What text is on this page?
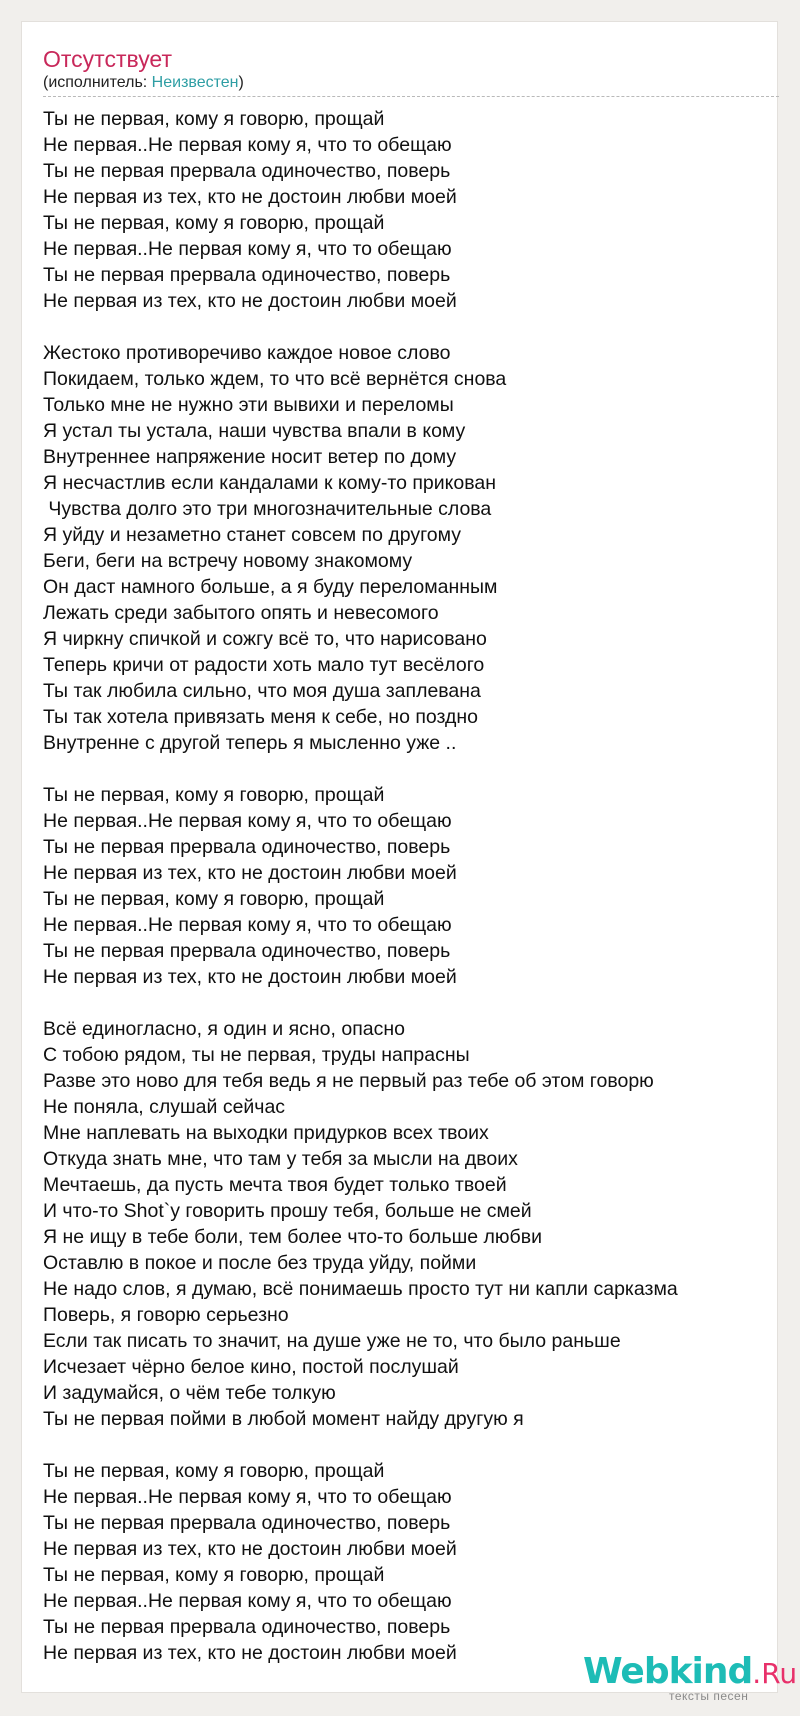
Отсутствует
(исполнитель: Неизвестен)
Ты не первая, кому я говорю, прощай
Не первая..Не первая кому я, что то обещаю
Ты не первая прервала одиночество, поверь
Не первая из тех, кто не достоин любви моей
Ты не первая, кому я говорю, прощай
Не первая..Не первая кому я, что то обещаю
Ты не первая прервала одиночество, поверь
Не первая из тех, кто не достоин любви моей
Жестоко противоречиво каждое новое слово
Покидаем, только ждем, то что всё вернётся снова
Только мне не нужно эти вывихи и переломы
Я устал ты устала, наши чувства впали в кому
Внутреннее напряжение носит ветер по дому
Я несчастлив если кандалами к кому-то прикован
Чувства долго это три многозначительные слова
Я уйду и незаметно станет совсем по другому
Беги, беги на встречу новому знакомому
Он даст намного больше, а я буду переломанным
Лежать среди забытого опять и невесомого
Я чиркну спичкой и сожгу всё то, что нарисовано
Теперь кричи от радости хоть мало тут весёлого
Ты так любила сильно, что моя душа заплевана
Ты так хотела привязать меня к себе, но поздно
Внутренне с другой теперь я мысленно уже ..
Ты не первая, кому я говорю, прощай
Не первая..Не первая кому я, что то обещаю
Ты не первая прервала одиночество, поверь
Не первая из тех, кто не достоин любви моей
Ты не первая, кому я говорю, прощай
Не первая..Не первая кому я, что то обещаю
Ты не первая прервала одиночество, поверь
Не первая из тех, кто не достоин любви моей
Всё единогласно, я один и ясно, опасно
С тобою рядом, ты не первая, труды напрасны
Разве это ново для тебя ведь я не первый раз тебе об этом говорю
Не поняла, слушай сейчас
Мне наплевать на выходки придурков всех твоих
Откуда знать мне, что там у тебя за мысли на двоих
Мечтаешь, да пусть мечта твоя будет только твоей
И что-то Shot`y говорить прошу тебя, больше не смей
Я не ищу в тебе боли, тем более что-то больше любви
Оставлю в покое и после без труда уйду, пойми
Не надо слов, я думаю, всё понимаешь просто тут ни капли сарказма
Поверь, я говорю серьезно
Если так писать то значит, на душе уже не то, что было раньше
Исчезает чёрно белое кино, постой послушай
И задумайся, о чём тебе толкую
Ты не первая пойми в любой момент найду другую я
Ты не первая, кому я говорю, прощай
Не первая..Не первая кому я, что то обещаю
Ты не первая прервала одиночество, поверь
Не первая из тех, кто не достоин любви моей
Ты не первая, кому я говорю, прощай
Не первая..Не первая кому я, что то обещаю
Ты не первая прервала одиночество, поверь
Не первая из тех, кто не достоин любви моей	Webkind.Ru
тексты песен
